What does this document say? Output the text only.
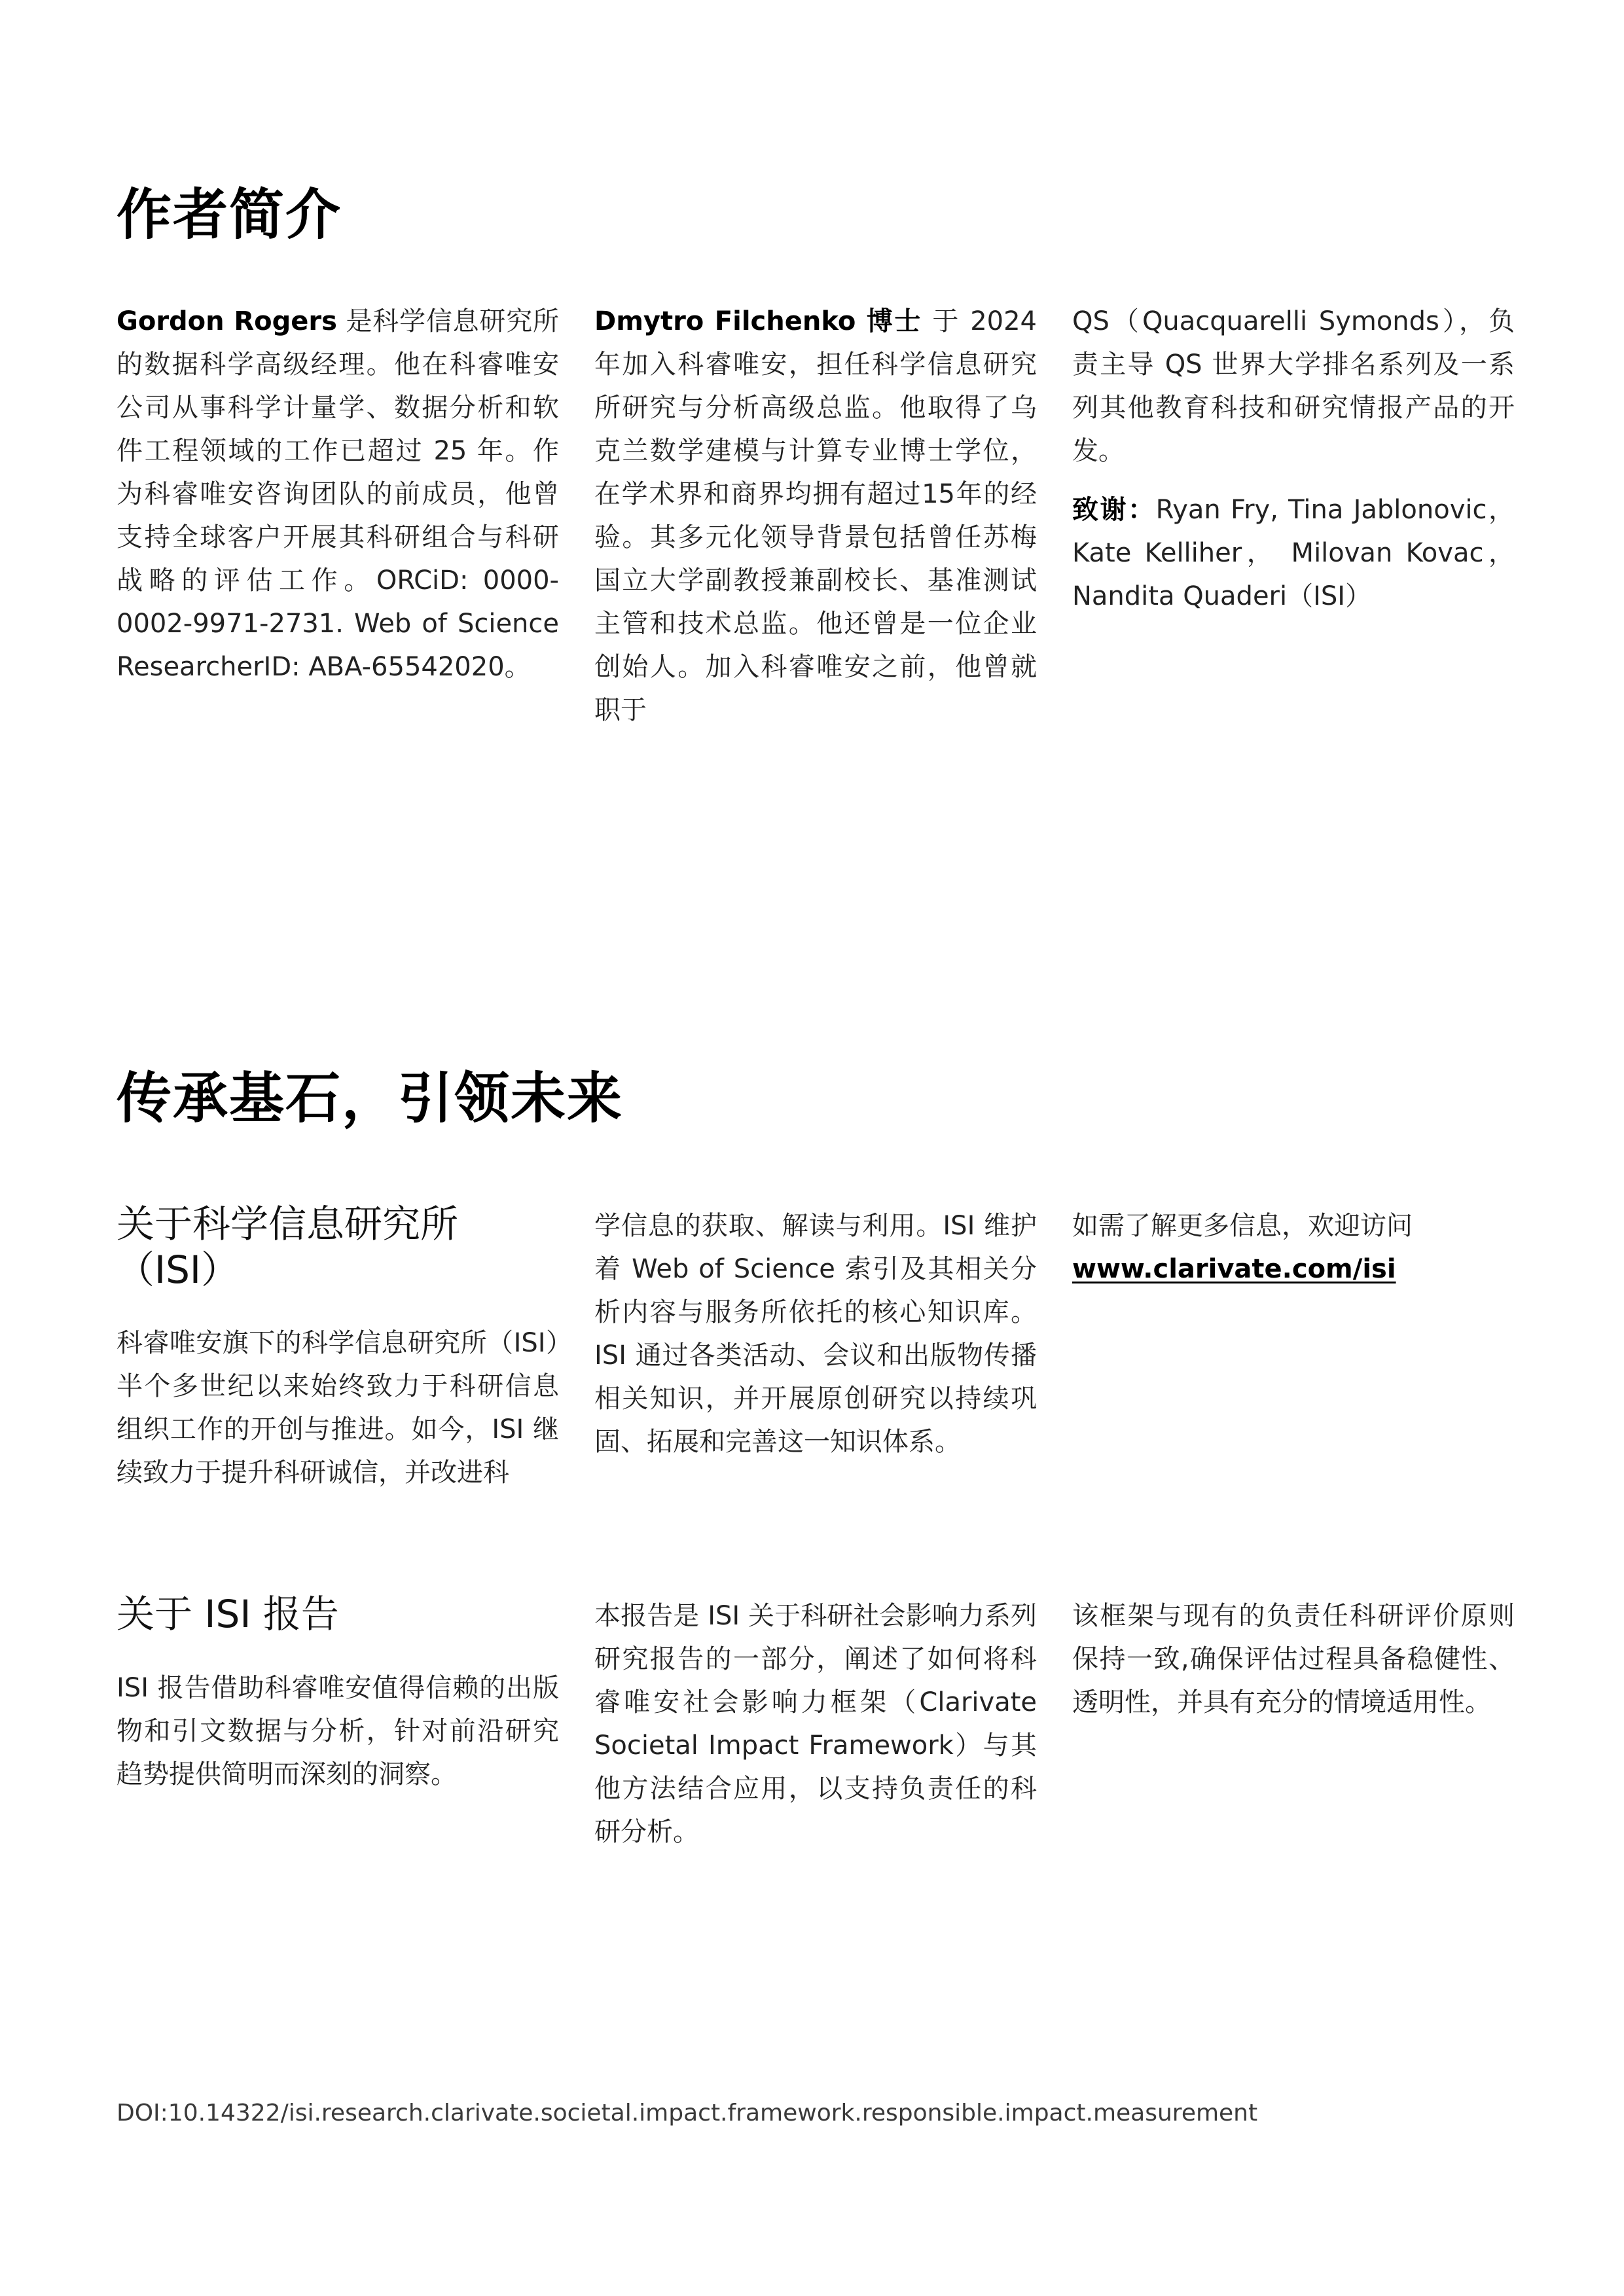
作者简介
Gordon Rogers 是科学信息研究所的数据科学高级经理。他在科睿唯安公司从事科学计量学、数据分析和软件工程领域的工作已超过 25 年。作为科睿唯安咨询团队的前成员，他曾支持全球客户开展其科研组合与科研战略的评估工作。ORCiD: 0000-0002-9971-2731. Web of Science ResearcherID: ABA-65542020。
Dmytro Filchenko 博士 于 2024 年加入科睿唯安，担任科学信息研究所研究与分析高级总监。他取得了乌克兰数学建模与计算专业博士学位，在学术界和商界均拥有超过15年的经验。其多元化领导背景包括曾任苏梅国立大学副教授兼副校长、基准测试主管和技术总监。他还曾是一位企业创始人。加入科睿唯安之前，他曾就职于
QS（Quacquarelli Symonds），负责主导 QS 世界大学排名系列及一系列其他教育科技和研究情报产品的开发。
致谢：Ryan Fry, Tina Jablonovic，Kate Kelliher， Milovan Kovac，Nandita Quaderi（ISI）
传承基石，引领未来
关于科学信息研究所（ISI）
科睿唯安旗下的科学信息研究所（ISI）半个多世纪以来始终致力于科研信息组织工作的开创与推进。如今，ISI 继续致力于提升科研诚信，并改进科
学信息的获取、解读与利用。ISI 维护着 Web of Science 索引及其相关分析内容与服务所依托的核心知识库。ISI 通过各类活动、会议和出版物传播相关知识，并开展原创研究以持续巩固、拓展和完善这一知识体系。
如需了解更多信息，欢迎访问
www.clarivate.com/isi
关于 ISI 报告
ISI 报告借助科睿唯安值得信赖的出版物和引文数据与分析，针对前沿研究趋势提供简明而深刻的洞察。
本报告是 ISI 关于科研社会影响力系列研究报告的一部分，阐述了如何将科睿唯安社会影响力框架（Clarivate Societal Impact Framework）与其他方法结合应用，以支持负责任的科研分析。
该框架与现有的负责任科研评价原则保持一致,确保评估过程具备稳健性、透明性，并具有充分的情境适用性。
DOI:10.14322/isi.research.clarivate.societal.impact.framework.responsible.impact.measurement
